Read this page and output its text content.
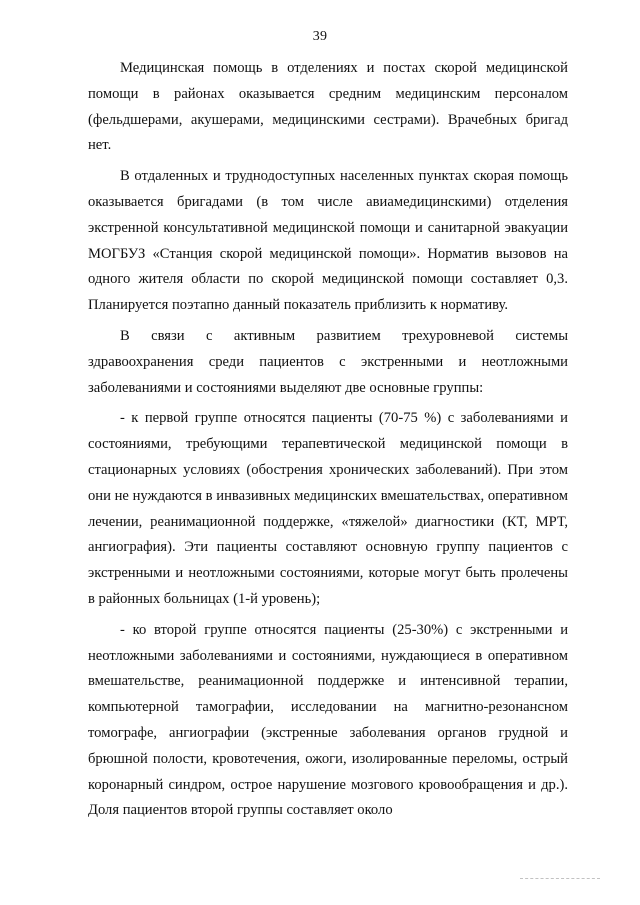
39

Медицинская помощь в отделениях и постах скорой медицинской помощи в районах оказывается средним медицинским персоналом (фельдшерами, акушерами, медицинскими сестрами). Врачебных бригад нет.

В отдаленных и труднодоступных населенных пунктах скорая помощь оказывается бригадами (в том числе авиамедицинскими) отделения экстренной консультативной медицинской помощи и санитарной эвакуации МОГБУЗ «Станция скорой медицинской помощи». Норматив вызовов на одного жителя области по скорой медицинской помощи составляет 0,3. Планируется поэтапно данный показатель приблизить к нормативу.

В связи с активным развитием трехуровневой системы здравоохранения среди пациентов с экстренными и неотложными заболеваниями и состояниями выделяют две основные группы:

- к первой группе относятся пациенты (70-75 %) с заболеваниями и состояниями, требующими терапевтической медицинской помощи в стационарных условиях (обострения хронических заболеваний). При этом они не нуждаются в инвазивных медицинских вмешательствах, оперативном лечении, реанимационной поддержке, «тяжелой» диагностики (КТ, МРТ, ангиография). Эти пациенты составляют основную группу пациентов с экстренными и неотложными состояниями, которые могут быть пролечены в районных больницах (1-й уровень);

- ко второй группе относятся пациенты (25-30%) с экстренными и неотложными заболеваниями и состояниями, нуждающиеся в оперативном вмешательстве, реанимационной поддержке и интенсивной терапии, компьютерной тамографии, исследовании на магнитно-резонансном томографе, ангиографии (экстренные заболевания органов грудной и брюшной полости, кровотечения, ожоги, изолированные переломы, острый коронарный синдром, острое нарушение мозгового кровообращения и др.). Доля пациентов второй группы составляет около
